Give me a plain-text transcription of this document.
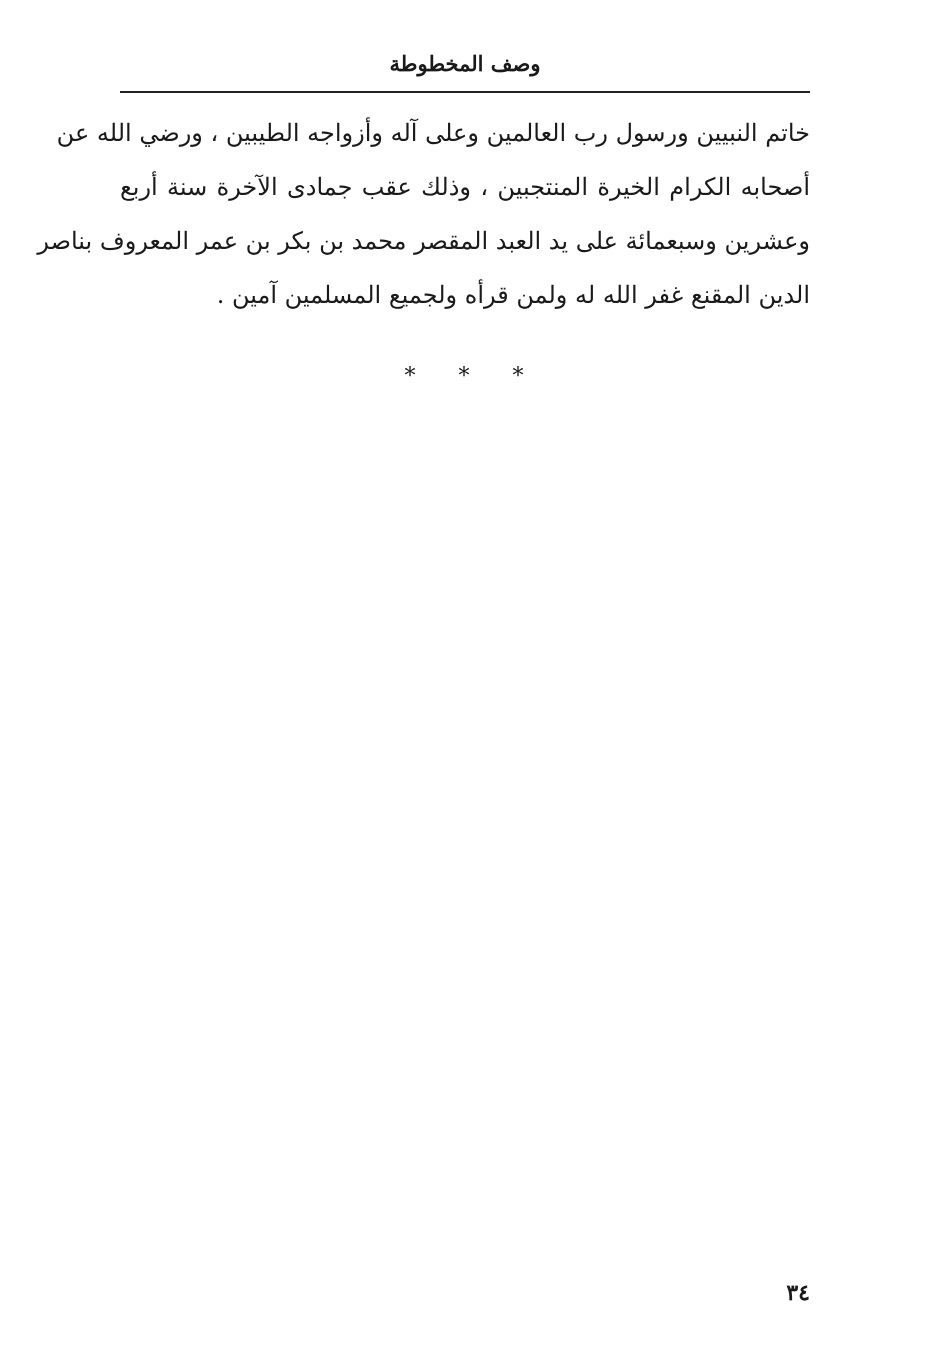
وصف المخطوطة
خاتم النبيين ورسول رب العالمين وعلى آله وأزواجه الطيبين ، ورضي الله عن
أصحابه الكرام الخيرة المنتجبين ، وذلك عقب جمادى الآخرة سنة أربع
وعشرين وسبعمائة على يد العبد المقصر محمد بن بكر بن عمر المعروف بناصر
الدين المقنع غفر الله له ولمن قرأه ولجميع المسلمين آمين .
* * *
٣٤
